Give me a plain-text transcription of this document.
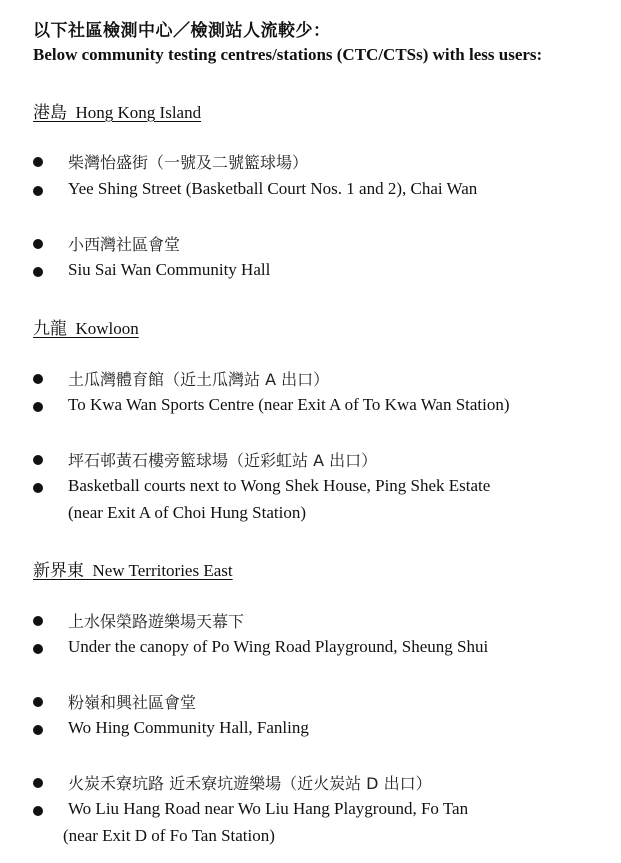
以下社區檢測中心／檢測站人流較少：
Below community testing centres/stations (CTC/CTSs) with less users:
港島  Hong Kong Island
柴灣怡盛街（一號及二號籃球場）
Yee Shing Street (Basketball Court Nos. 1 and 2), Chai Wan
小西灣社區會堂
Siu Sai Wan Community Hall
九龍  Kowloon
土瓜灣體育館（近土瓜灣站 A 出口）
To Kwa Wan Sports Centre (near Exit A of To Kwa Wan Station)
坪石邨黃石樓旁籃球場（近彩虹站 A 出口）
Basketball courts next to Wong Shek House, Ping Shek Estate
(near Exit A of Choi Hung Station)
新界東  New Territories East
上水保榮路遊樂場天幕下
Under the canopy of Po Wing Road Playground, Sheung Shui
粉嶺和興社區會堂
Wo Hing Community Hall, Fanling
火炭禾寮坑路 近禾寮坑遊樂場（近火炭站 D 出口）
Wo Liu Hang Road near Wo Liu Hang Playground, Fo Tan
(near Exit D of Fo Tan Station)
